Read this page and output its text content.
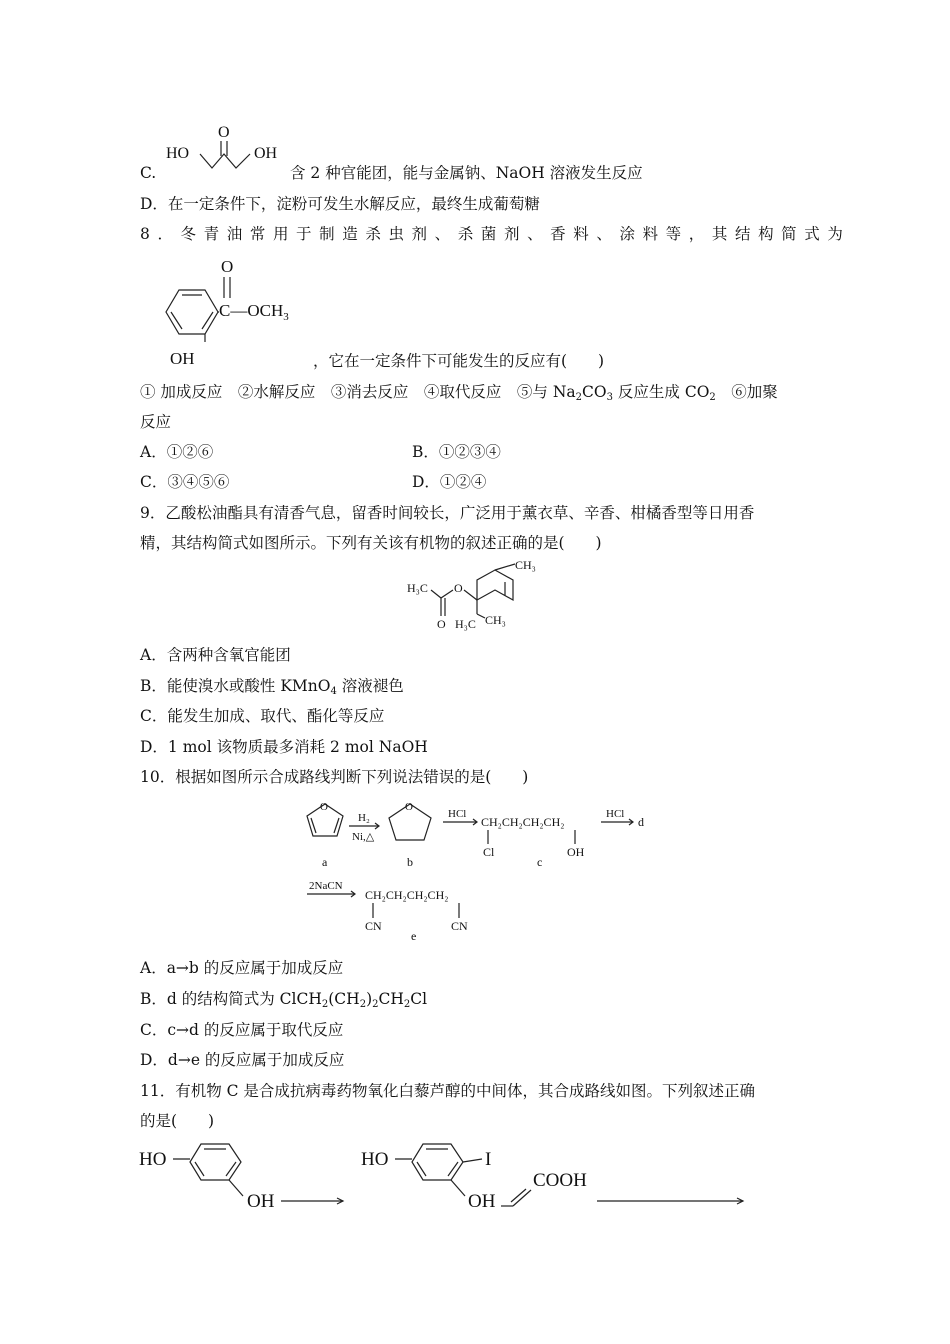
HO	OH
O
C.	含 2 种官能团，能与金属钠、NaOH 溶液发生反应
D．在一定条件下，淀粉可发生水解反应，最终生成葡萄糖
8．冬青油常用于制造杀虫剂、杀菌剂、香料、涂料等，其结构简式为
O
$C—OCH_3$
OH	，它在一定条件下可能发生的反应有(　　)
① 加成反应　②水解反应　③消去反应　④取代反应　⑤与 $Na_2CO_3$ 反应生成 $CO_2$　⑥加聚
反应
A．①②⑥	B．①②③④
C．③④⑤⑥	D．①②④
9．乙酸松油酯具有清香气息，留香时间较长，广泛用于薰衣草、辛香、柑橘香型等日用香
精，其结构简式如图所示。下列有关该有机物的叙述正确的是(　　)
H₃C
O
O
CH₃
H₃C CH₃
A．含两种含氧官能团
B．能使溴水或酸性 KMnO$_4$ 溶液褪色
C．能发生加成、取代、酯化等反应
D．1 mol 该物质最多消耗 2 mol NaOH
10．根据如图所示合成路线判断下列说法错误的是(　　)
O
a
H₂
Ni,△
O
b
HCl
CH₂CH₂CH₂CH₂
Cl	OH
c
HCl
d
2NaCN
CH₂CH₂CH₂CH₂
CN	CN
e
A．a→b 的反应属于加成反应
B．d 的结构简式为 $ClCH_2(CH_2)_2CH_2Cl$
C．c→d 的反应属于取代反应
D．d→e 的反应属于加成反应
11．有机物 C 是合成抗病毒药物氧化白藜芦醇的中间体，其合成路线如图。下列叙述正确
的是(　　)
HO
OH
HO	I
OH
COOH
